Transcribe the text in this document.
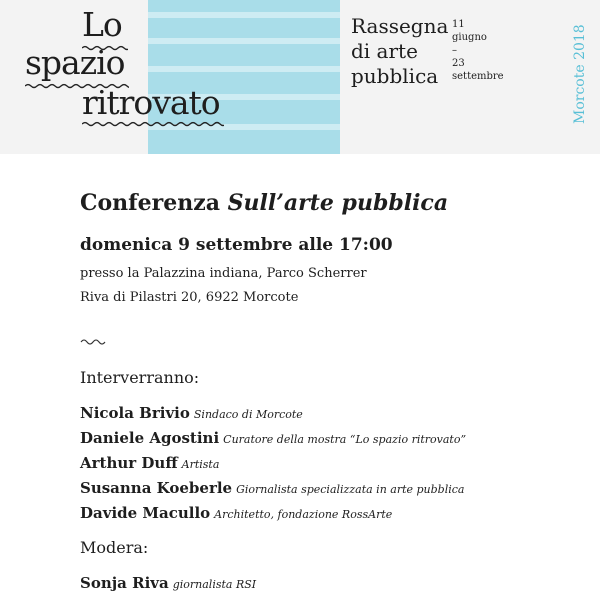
Lo
spazio
ritrovato
Rassegna
di arte
pubblica
11
giugno
–
23
settembre	Morcote 2018
Conferenza Sull’arte pubblica
domenica 9 settembre alle 17:00
presso la Palazzina indiana, Parco Scherrer
Riva di Pilastri 20, 6922 Morcote
Interverranno:
Nicola Brivio Sindaco di Morcote
Daniele Agostini Curatore della mostra “Lo spazio ritrovato”
Arthur Duff Artista
Susanna Koeberle Giornalista specializzata in arte pubblica
Davide Macullo Architetto, fondazione RossArte
Modera:
Sonja Riva giornalista RSI
